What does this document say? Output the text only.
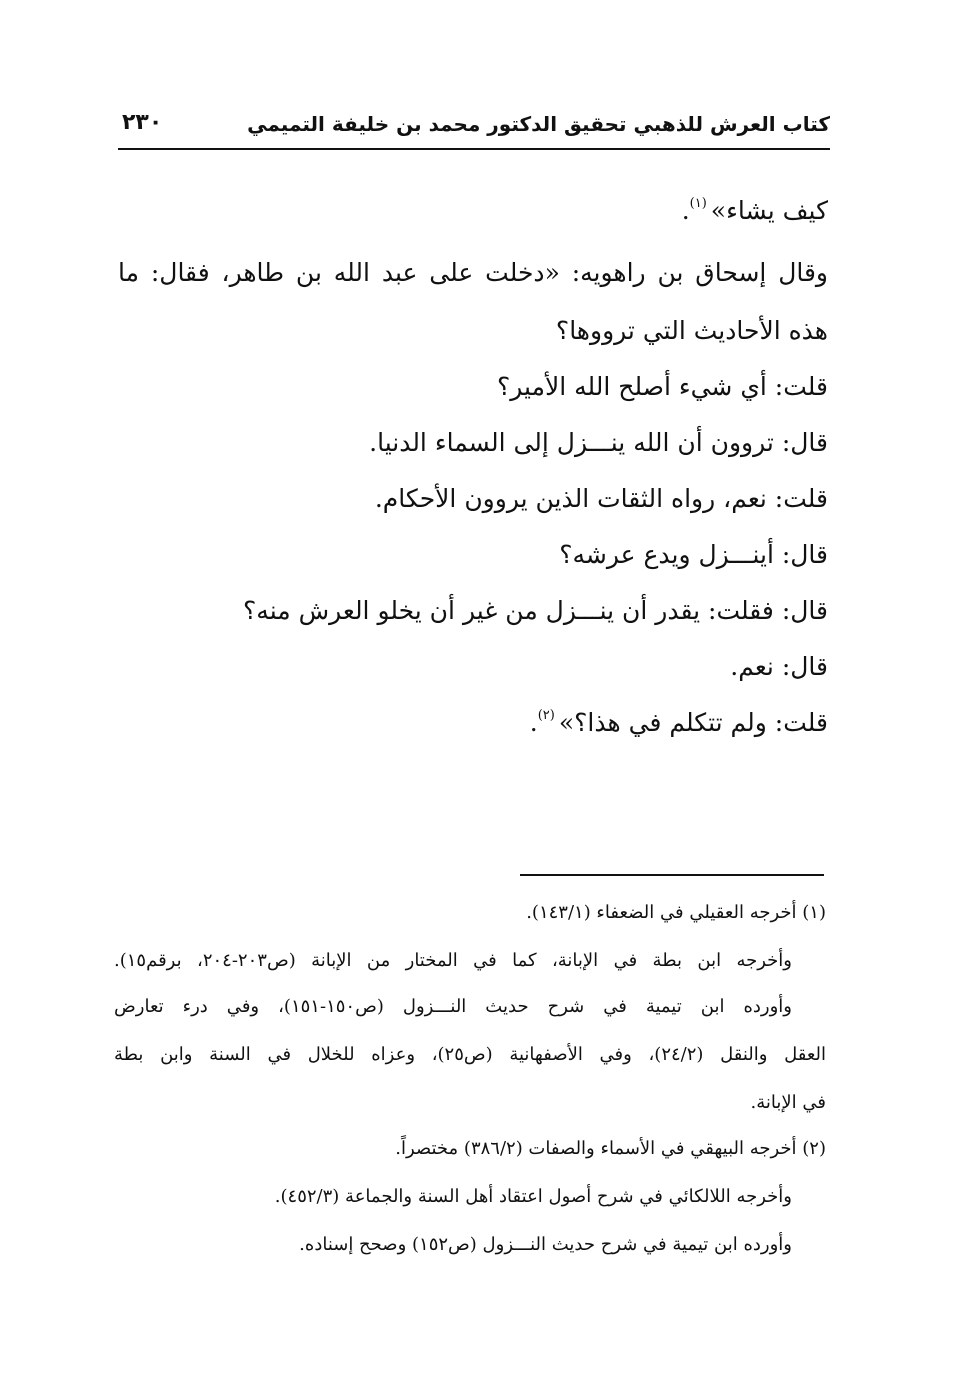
كتاب العرش للذهبي تحقيق الدكتور محمد بن خليفة التميمي
٢٣٠
كيف يشاء»$^{(١)}$.
وقال إسحاق بن راهويه: «دخلت على عبد الله بن طاهر، فقال: ما
هذه الأحاديث التي ترووها؟
قلت: أي شيء أصلح الله الأمير؟
قال: تروون أن الله ينـــزل إلى السماء الدنيا.
قلت: نعم، رواه الثقات الذين يروون الأحكام.
قال: أينـــزل ويدع عرشه؟
قال: فقلت: يقدر أن ينـــزل من غير أن يخلو العرش منه؟
قال: نعم.
قلت: ولم تتكلم في هذا؟»$^{(٢)}$.
(١) أخرجه العقيلي في الضعفاء (١٤٣/١).
وأخرجه ابن بطة في الإبانة، كما في المختار من الإبانة (ص٢٠٣-٢٠٤، برقم١٥).
وأورده ابن تيمية في شرح حديث النـــزول (ص١٥٠-١٥١)، وفي درء تعارض
العقل والنقل (٢٤/٢)، وفي الأصفهانية (ص٢٥)، وعزاه للخلال في السنة وابن بطة
في الإبانة.
(٢) أخرجه البيهقي في الأسماء والصفات (٣٨٦/٢) مختصراً.
وأخرجه اللالكائي في شرح أصول اعتقاد أهل السنة والجماعة (٤٥٢/٣).
وأورده ابن تيمية في شرح حديث النـــزول (ص١٥٢) وصحح إسناده.
